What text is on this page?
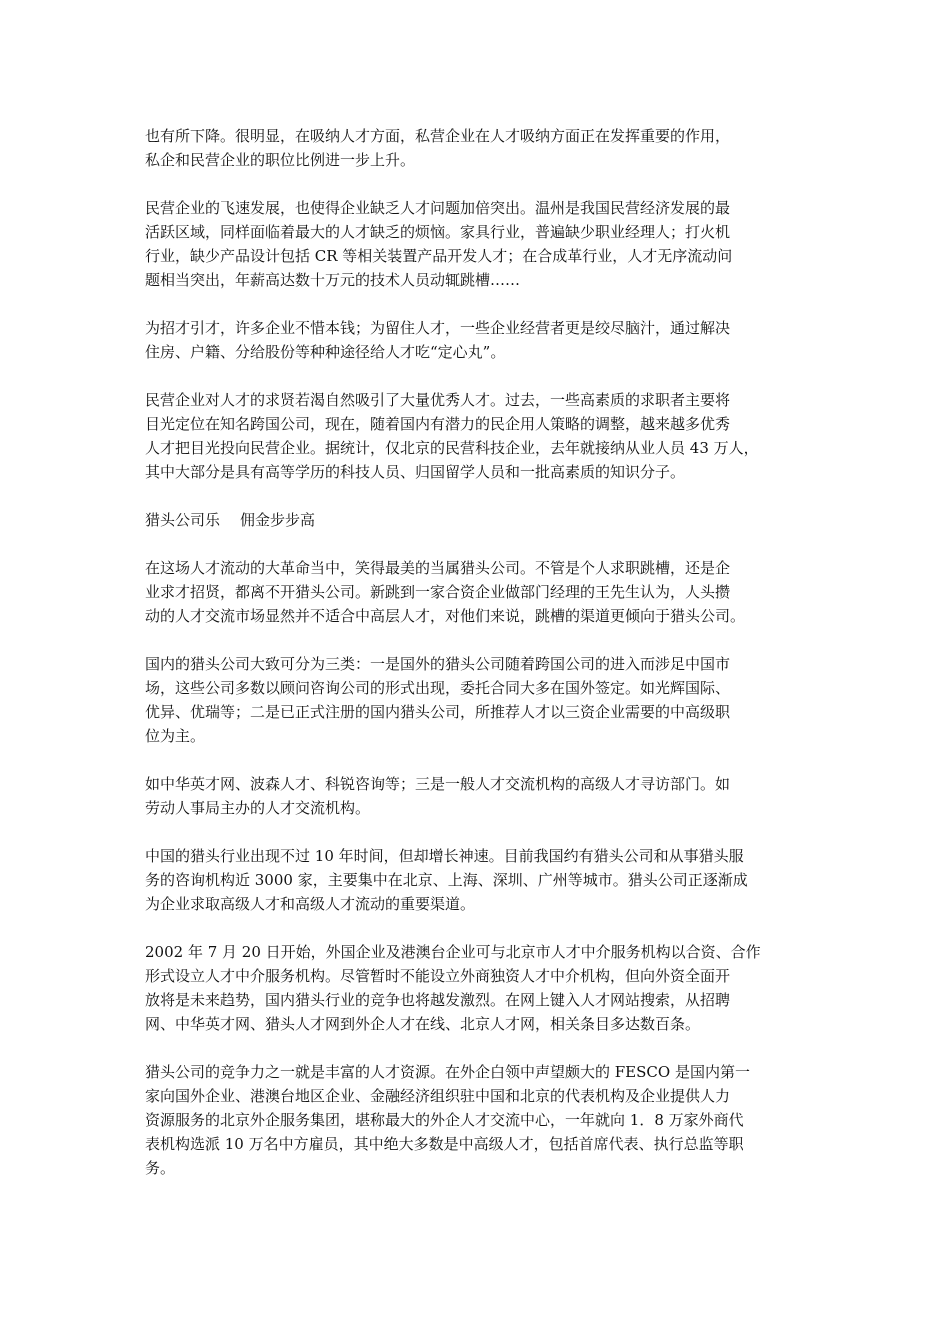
也有所下降。很明显，在吸纳人才方面，私营企业在人才吸纳方面正在发挥重要的作用，
私企和民营企业的职位比例进一步上升。
民营企业的飞速发展，也使得企业缺乏人才问题加倍突出。温州是我国民营经济发展的最
活跃区域，同样面临着最大的人才缺乏的烦恼。家具行业，普遍缺少职业经理人；打火机
行业，缺少产品设计包括 CR 等相关装置产品开发人才；在合成革行业，人才无序流动问
题相当突出，年薪高达数十万元的技术人员动辄跳槽……
为招才引才，许多企业不惜本钱；为留住人才，一些企业经营者更是绞尽脑汁，通过解决
住房、户籍、分给股份等种种途径给人才吃“定心丸”。
民营企业对人才的求贤若渴自然吸引了大量优秀人才。过去，一些高素质的求职者主要将
目光定位在知名跨国公司，现在，随着国内有潜力的民企用人策略的调整，越来越多优秀
人才把目光投向民营企业。据统计，仅北京的民营科技企业，去年就接纳从业人员 43 万人，
其中大部分是具有高等学历的科技人员、归国留学人员和一批高素质的知识分子。
猎头公司乐 佣金步步高
在这场人才流动的大革命当中，笑得最美的当属猎头公司。不管是个人求职跳槽，还是企
业求才招贤，都离不开猎头公司。新跳到一家合资企业做部门经理的王先生认为，人头攒
动的人才交流市场显然并不适合中高层人才，对他们来说，跳槽的渠道更倾向于猎头公司。
国内的猎头公司大致可分为三类：一是国外的猎头公司随着跨国公司的进入而涉足中国市
场，这些公司多数以顾问咨询公司的形式出现，委托合同大多在国外签定。如光辉国际、
优异、优瑞等；二是已正式注册的国内猎头公司，所推荐人才以三资企业需要的中高级职
位为主。
如中华英才网、波森人才、科锐咨询等；三是一般人才交流机构的高级人才寻访部门。如
劳动人事局主办的人才交流机构。
中国的猎头行业出现不过 10 年时间，但却增长神速。目前我国约有猎头公司和从事猎头服
务的咨询机构近 3000 家，主要集中在北京、上海、深圳、广州等城市。猎头公司正逐渐成
为企业求取高级人才和高级人才流动的重要渠道。
2002 年 7 月 20 日开始，外国企业及港澳台企业可与北京市人才中介服务机构以合资、合作
形式设立人才中介服务机构。尽管暂时不能设立外商独资人才中介机构，但向外资全面开
放将是未来趋势，国内猎头行业的竞争也将越发激烈。在网上键入人才网站搜索，从招聘
网、中华英才网、猎头人才网到外企人才在线、北京人才网，相关条目多达数百条。
猎头公司的竞争力之一就是丰富的人才资源。在外企白领中声望颇大的 FESCO 是国内第一
家向国外企业、港澳台地区企业、金融经济组织驻中国和北京的代表机构及企业提供人力
资源服务的北京外企服务集团，堪称最大的外企人才交流中心，一年就向 1．8 万家外商代
表机构选派 10 万名中方雇员，其中绝大多数是中高级人才，包括首席代表、执行总监等职
务。
